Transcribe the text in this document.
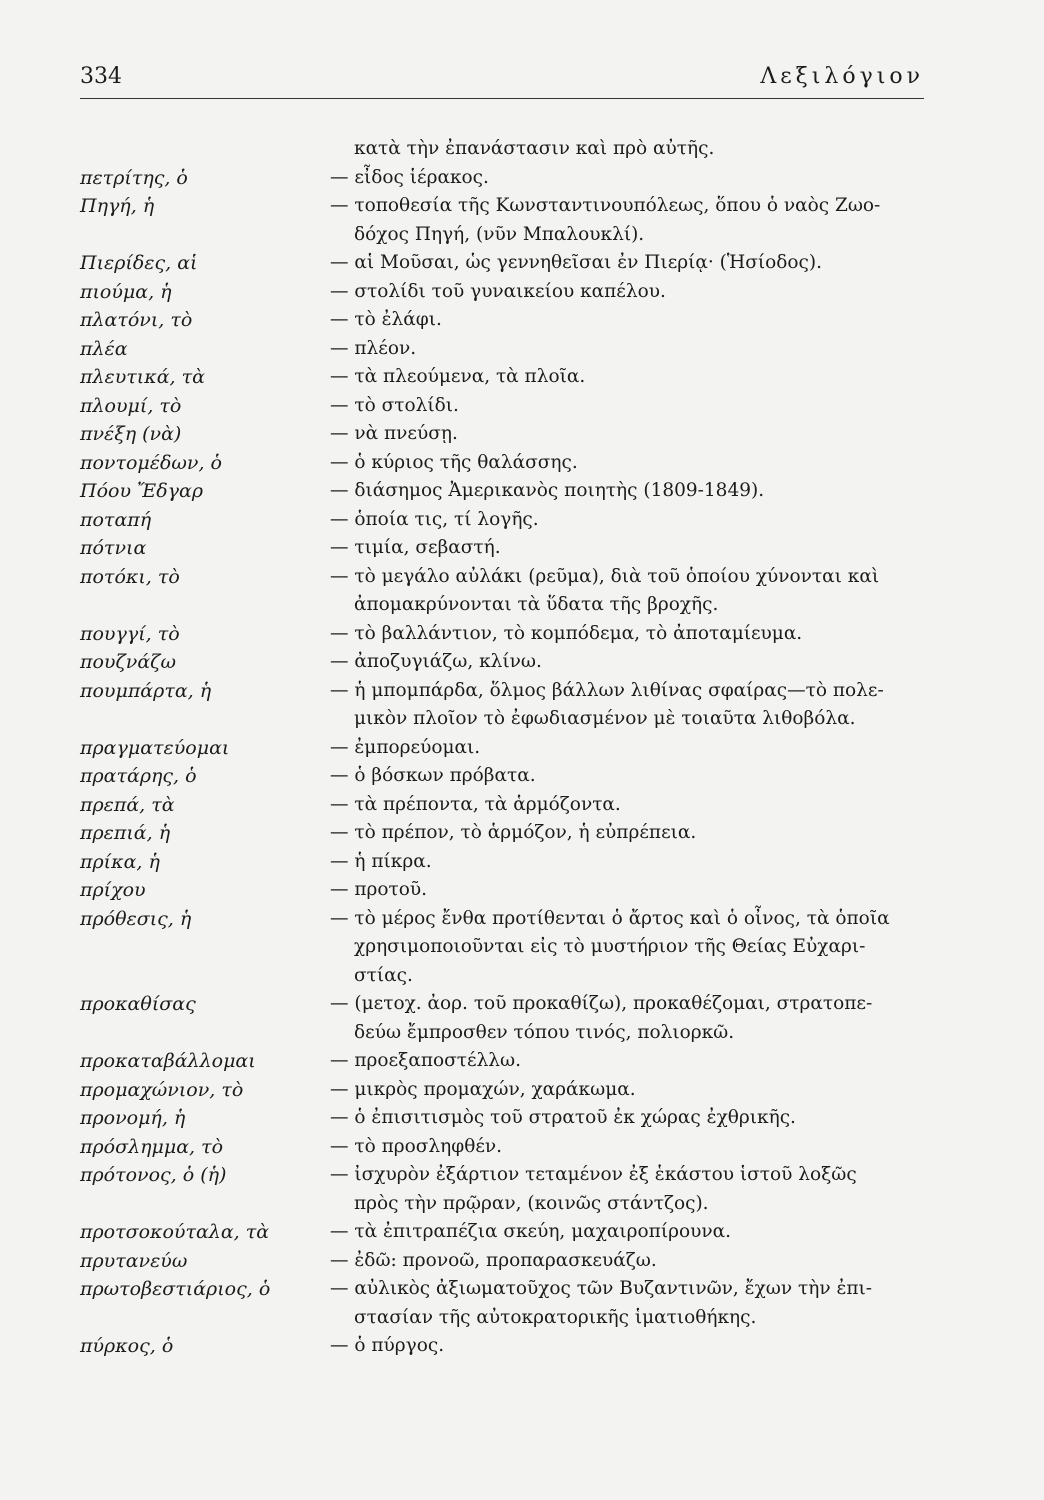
334	Λεξιλόγιον
κατὰ τὴν ἐπανάστασιν καὶ πρὸ αὐτῆς.
πετρίτης, ὁ	— εἶδος ἱέρακος.
Πηγή, ἡ	— τοποθεσία τῆς Κωνσταντινουπόλεως, ὅπου ὁ ναὸς Ζωο-
δόχος Πηγή, (νῦν Μπαλουκλί).
Πιερίδες, αἱ	— αἱ Μοῦσαι, ὡς γεννηθεῖσαι ἐν Πιερίᾳ· (Ἡσίοδος).
πιούμα, ἡ	— στολίδι τοῦ γυναικείου καπέλου.
πλατόνι, τὸ	— τὸ ἐλάφι.
πλέα	— πλέον.
πλευτικά, τὰ	— τὰ πλεούμενα, τὰ πλοῖα.
πλουμί, τὸ	— τὸ στολίδι.
πνέξη (νὰ)	— νὰ πνεύσῃ.
ποντομέδων, ὁ	— ὁ κύριος τῆς θαλάσσης.
Πόου Ἔδγαρ	— διάσημος Ἀμερικανὸς ποιητὴς (1809-1849).
ποταπή	— ὁποία τις, τί λογῆς.
πότνια	— τιμία, σεβαστή.
ποτόκι, τὸ	— τὸ μεγάλο αὐλάκι (ρεῦμα), διὰ τοῦ ὁποίου χύνονται καὶ
ἀπομακρύνονται τὰ ὕδατα τῆς βροχῆς.
πουγγί, τὸ	— τὸ βαλλάντιον, τὸ κομπόδεμα, τὸ ἀποταμίευμα.
πουζνάζω	— ἀποζυγιάζω, κλίνω.
πουμπάρτα, ἡ	— ἡ μπομπάρδα, ὅλμος βάλλων λιθίνας σφαίρας—τὸ πολε-
μικὸν πλοῖον τὸ ἐφωδιασμένον μὲ τοιαῦτα λιθοβόλα.
πραγματεύομαι	— ἐμπορεύομαι.
πρατάρης, ὁ	— ὁ βόσκων πρόβατα.
πρεπά, τὰ	— τὰ πρέποντα, τὰ ἁρμόζοντα.
πρεπιά, ἡ	— τὸ πρέπον, τὸ ἁρμόζον, ἡ εὐπρέπεια.
πρίκα, ἡ	— ἡ πίκρα.
πρίχου	— προτοῦ.
πρόθεσις, ἡ	— τὸ μέρος ἔνθα προτίθενται ὁ ἄρτος καὶ ὁ οἶνος, τὰ ὁποῖα
χρησιμοποιοῦνται εἰς τὸ μυστήριον τῆς Θείας Εὐχαρι-
στίας.
προκαθίσας	— (μετοχ. ἀορ. τοῦ προκαθίζω), προκαθέζομαι, στρατοπε-
δεύω ἔμπροσθεν τόπου τινός, πολιορκῶ.
προκαταβάλλομαι	— προεξαποστέλλω.
προμαχώνιον, τὸ	— μικρὸς προμαχών, χαράκωμα.
προνομή, ἡ	— ὁ ἐπισιτισμὸς τοῦ στρατοῦ ἐκ χώρας ἐχθρικῆς.
πρόσλημμα, τὸ	— τὸ προσληφθέν.
πρότονος, ὁ (ἡ)	— ἰσχυρὸν ἐξάρτιον τεταμένον ἐξ ἑκάστου ἱστοῦ λοξῶς
πρὸς τὴν πρῷραν, (κοινῶς στάντζος).
προτσοκούταλα, τὰ	— τὰ ἐπιτραπέζια σκεύη, μαχαιροπίρουνα.
πρυτανεύω	— ἐδῶ: προνοῶ, προπαρασκευάζω.
πρωτοβεστιάριος, ὁ	— αὐλικὸς ἀξιωματοῦχος τῶν Βυζαντινῶν, ἔχων τὴν ἐπι-
στασίαν τῆς αὐτοκρατορικῆς ἱματιοθήκης.
πύρκος, ὁ	— ὁ πύργος.
